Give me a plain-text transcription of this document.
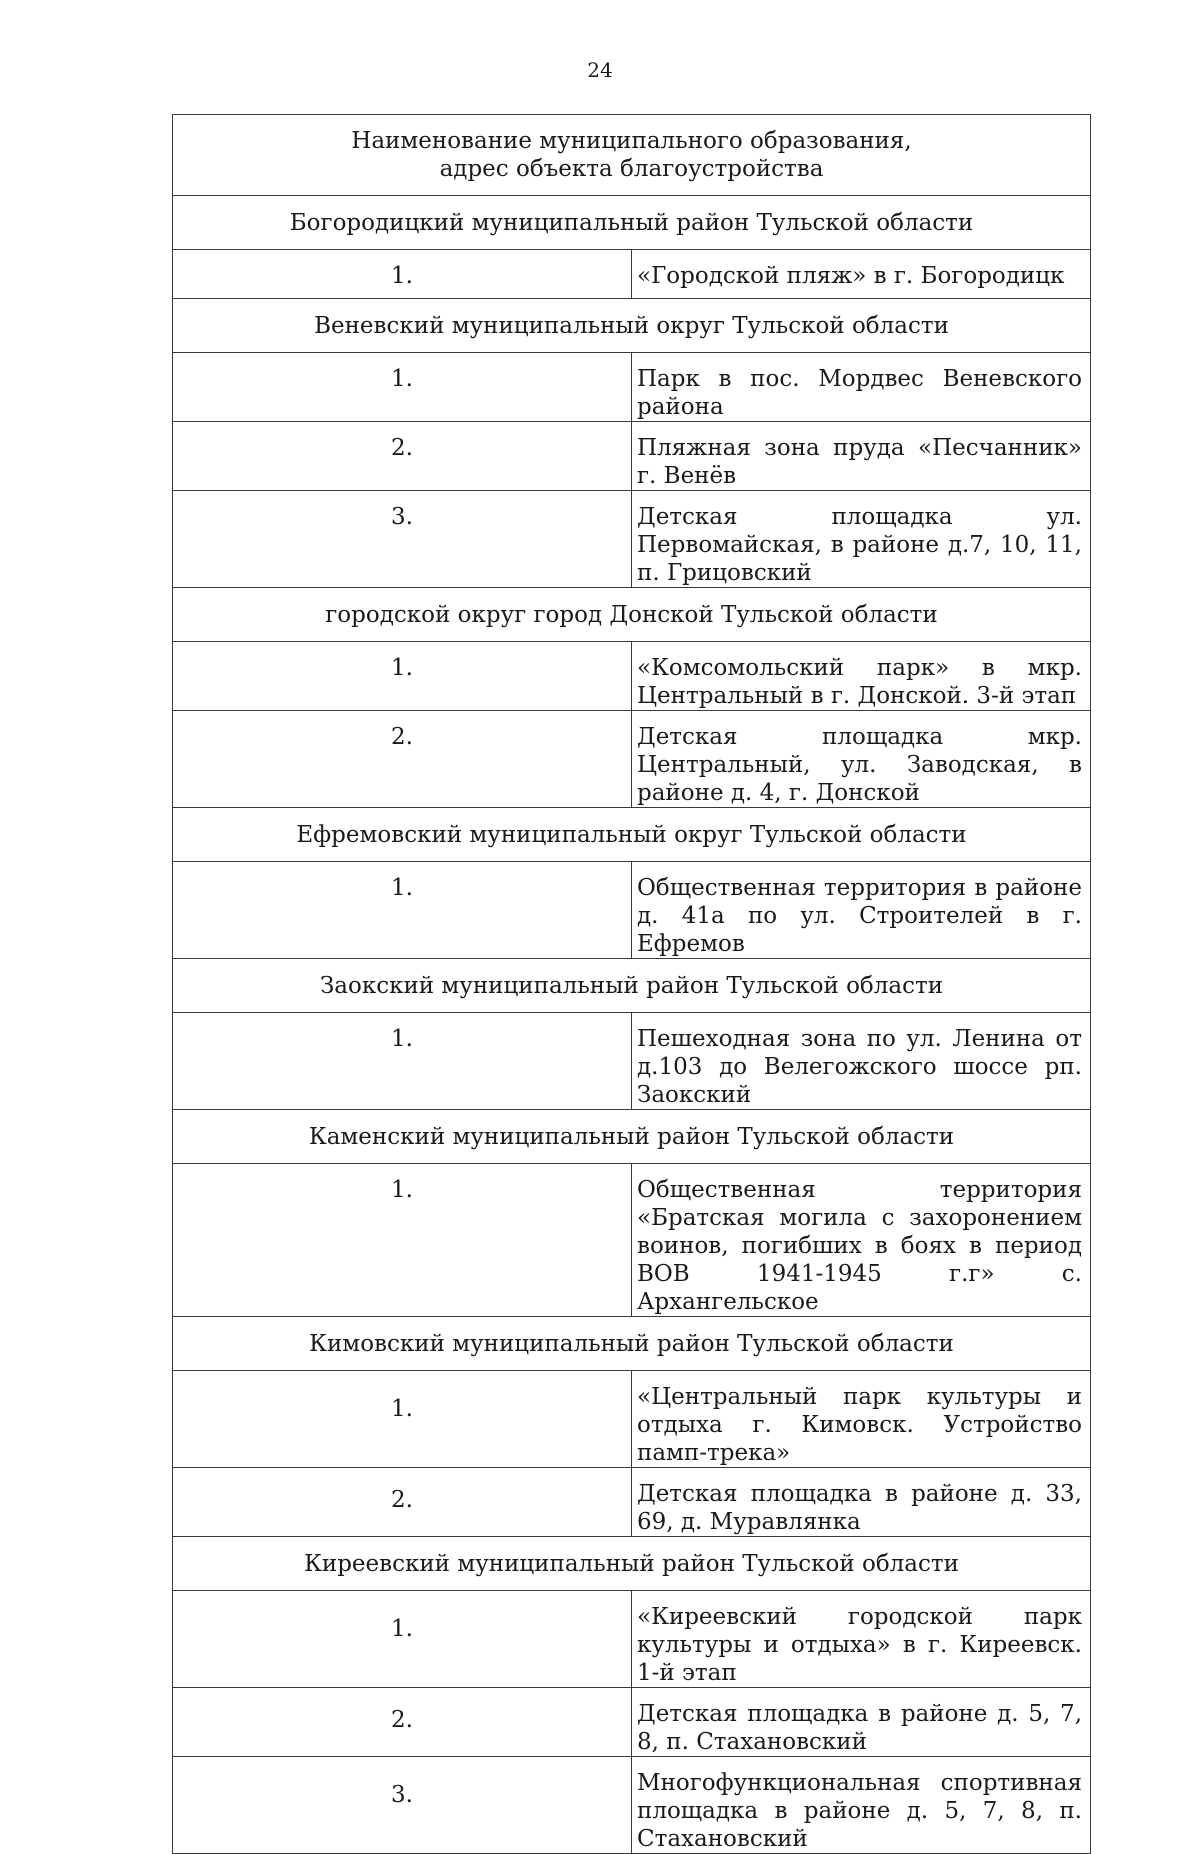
24
Наименование муниципального образования,
адрес объекта благоустройства	

Богородицкий муниципальный район Тульской области	

1.	«Городской пляж» в г. Богородицк

Веневский муниципальный округ Тульской области	

1.	Парк в пос. Мордвес Веневского района

2.	Пляжная зона пруда «Песчанник» г. Венёв

3.	Детская площадка ул. Первомайская, в районе д.7, 10, 11, п. Грицовский

городской округ город Донской Тульской области	

1.	«Комсомольский парк» в мкр. Центральный в г. Донской. 3-й этап

2.	Детская площадка мкр. Центральный, ул. Заводская, в районе д. 4, г. Донской

Ефремовский муниципальный округ Тульской области	

1.	Общественная территория в районе д. 41а по ул. Строителей в г. Ефремов

Заокский муниципальный район Тульской области	

1.	Пешеходная зона по ул. Ленина от д.103 до Велегожского шоссе рп. Заокский

Каменский муниципальный район Тульской области	

1.	Общественная территория «Братская могила с захоронением воинов, погибших в боях в период ВОВ 1941-1945 г.г» с. Архангельское

Кимовский муниципальный район Тульской области	

1.	«Центральный парк культуры и отдыха г. Кимовск. Устройство памп-трека»

2.	Детская площадка в районе д. 33, 69, д. Муравлянка

Киреевский муниципальный район Тульской области	

1.	«Киреевский городской парк культуры и отдыха» в г. Киреевск. 1-й этап

2.	Детская площадка в районе д. 5, 7, 8, п. Стахановский

3.	Многофункциональная спортивная площадка в районе д. 5, 7, 8, п. Стахановский
